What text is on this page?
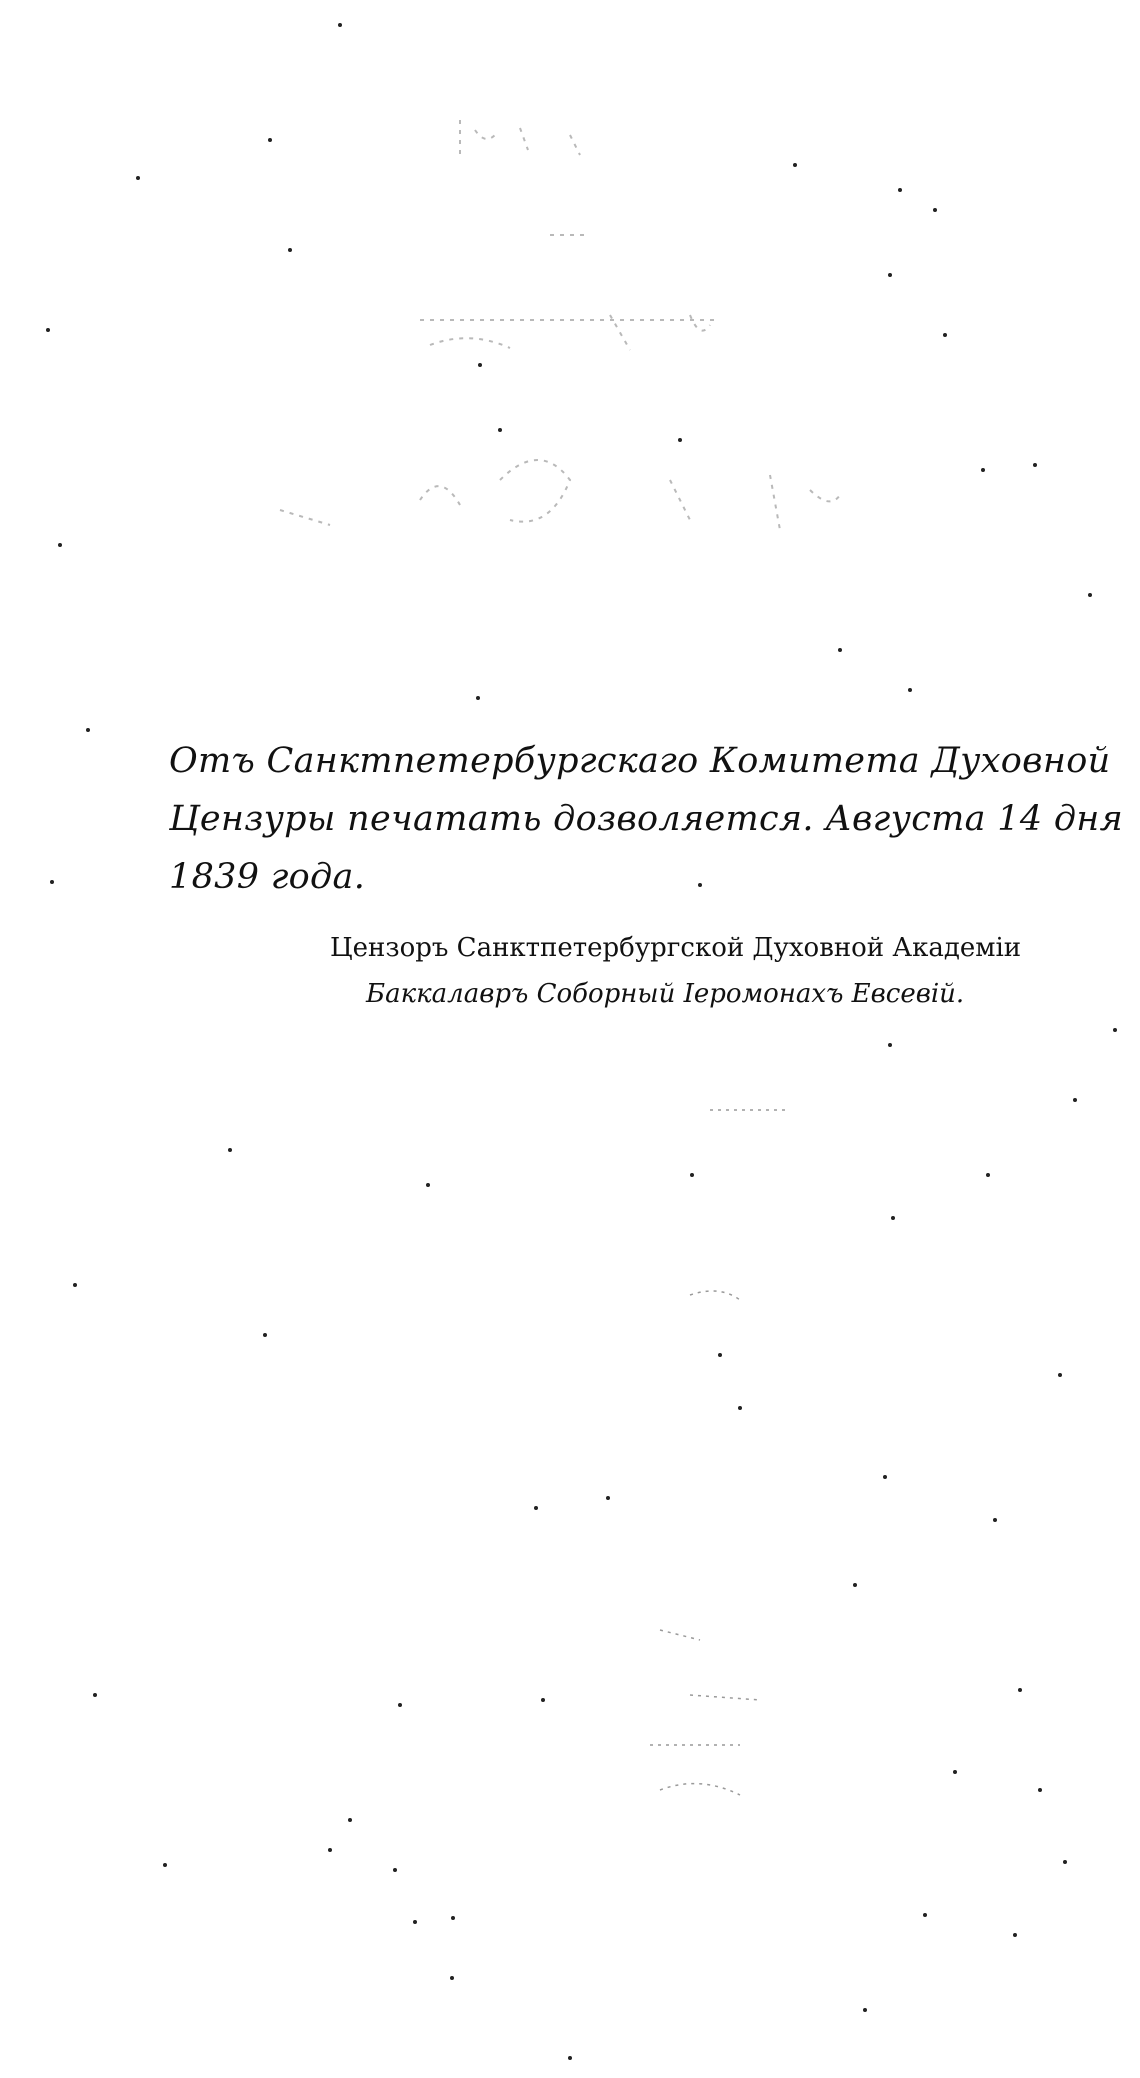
Отъ Санктпетербургскаго Комитета Духовной
Цензуры печатать дозволяется. Августа 14 дня
1839 года.
Цензоръ Санктпетербургской Духовной Академіи
Баккалавръ Соборный Іеромонахъ Евсевій.
